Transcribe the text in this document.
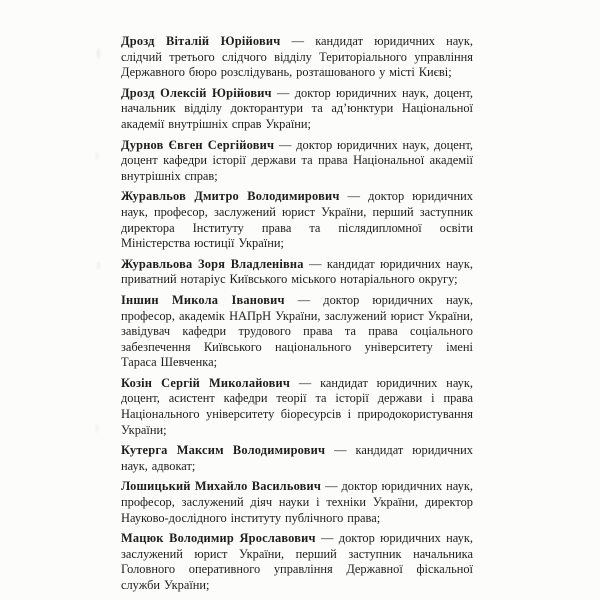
Дрозд Віталій Юрійович — кандидат юридичних наук, слідчий третього слідчого відділу Територіального управління Державного бюро розслідувань, розташованого у місті Києві;

Дрозд Олексій Юрійович — доктор юридичних наук, доцент, начальник відділу докторантури та ад’юнктури Національної академії внутрішніх справ України;

Дурнов Євген Сергійович — доктор юридичних наук, доцент, доцент кафедри історії держави та права Національної академії внутрішніх справ;

Журавльов Дмитро Володимирович — доктор юридичних наук, професор, заслужений юрист України, перший заступник директора Інституту права та післядипломної освіти Міністерства юстиції України;

Журавльова Зоря Владленівна — кандидат юридичних наук, приватний нотаріус Київського міського нотаріального округу;

Іншин Микола Іванович — доктор юридичних наук, професор, академік НАПрН України, заслужений юрист України, завідувач кафедри трудового права та права соціального забезпечення Київського національного університету імені Тараса Шевченка;

Козін Сергій Миколайович — кандидат юридичних наук, доцент, асистент кафедри теорії та історії держави і права Національного університету біоресурсів і природокористування України;

Кутерга Максим Володимирович — кандидат юридичних наук, адвокат;

Лошицький Михайло Васильович — доктор юридичних наук, професор, заслужений діяч науки і техніки України, директор Науково-дослідного інституту публічного права;

Мацюк Володимир Ярославович — доктор юридичних наук, заслужений юрист України, перший заступник начальника Головного оперативного управління Державної фіскальної служби України;
